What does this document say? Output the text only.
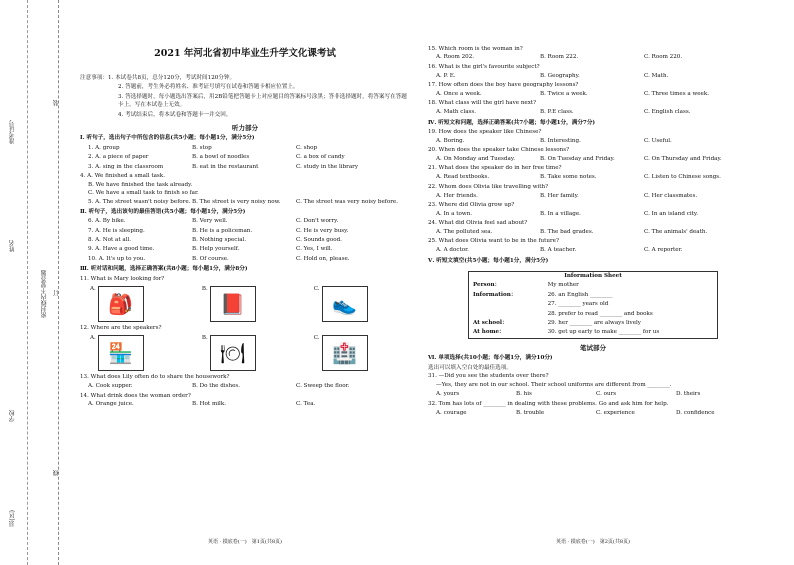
准考证号
姓名
学校
县(区)
密封线内不要答题
装
订
线
2021 年河北省初中毕业生升学文化课考试
注意事项：1. 本试卷共8页，总分120分，考试时间120分钟。
2. 答题前，考生务必将姓名、准考证号填写在试卷和答题卡相应位置上。
3. 答选择题时，每小题选出答案后，用2B铅笔把答题卡上对应题目的答案标号涂黑；答非选择题时，将答案写在答题卡上。写在本试卷上无效。
4. 考试结束后，将本试卷和答题卡一并交回。
听力部分
Ⅰ. 听句子，选出句子中所包含的信息(共5小题；每小题1分，满分5分)
1. A. group	B. stop	C. shop
2. A. a piece of paper	B. a bowl of noodles	C. a box of candy
3. A. sing in the classroom	B. eat in the restaurant	C. study in the library
4. A. We finished a small task.
B. We have finished the task already.
C. We have a small task to finish so far.
5. A. The street wasn't noisy before. B. The street is very noisy now.	C. The street was very noisy before.
Ⅱ. 听句子，选出该句的最佳答语(共5小题；每小题1分，满分5分)
6. A. By bike.	B. Very well.	C. Don't worry.
7. A. He is sleeping.	B. He is a policeman.	C. He is very busy.
8. A. Not at all.	B. Nothing special.	C. Sounds good.
9. A. Have a good time.	B. Help yourself.	C. Yes, I will.
10. A. It's up to you.	B. Of course.	C. Hold on, please.
Ⅲ. 听对话和问题，选择正确答案(共8小题；每小题1分，满分8分)
11. What is Mary looking for?
A.
🎒
B.
📕
C.
👟
12. Where are the speakers?
A.
🏪
B.
🍽
C.
🏥
13. What does Lily often do to share the housework?
A. Cook supper.	B. Do the dishes.	C. Sweep the floor.
14. What drink does the woman order?
A. Orange juice.	B. Hot milk.	C. Tea.
英语 · 摸底卷(一)　第1页(共8页)
15. Which room is the woman in?
A. Room 202.	B. Room 222.	C. Room 220.
16. What is the girl's favourite subject?
A. P. E.	B. Geography.	C. Math.
17. How often does the boy have geography lessons?
A. Once a week.	B. Twice a week.	C. Three times a week.
18. What class will the girl have next?
A. Math class.	B. P.E class.	C. English class.
Ⅳ. 听短文和问题，选择正确答案(共7小题；每小题1分，满分7分)
19. How does the speaker like Chinese?
A. Boring.	B. Interesting.	C. Useful.
20. When does the speaker take Chinese lessons?
A. On Monday and Tuesday.	B. On Tuesday and Friday.	C. On Thursday and Friday.
21. What does the speaker do in her free time?
A. Read textbooks.	B. Take some notes.	C. Listen to Chinese songs.
22. Whom does Olivia like travelling with?
A. Her friends.	B. Her family.	C. Her classmates.
23. Where did Olivia grow up?
A. In a town.	B. In a village.	C. In an island city.
24. What did Olivia feel sad about?
A. The polluted sea.	B. The bad grades.	C. The animals' death.
25. What does Olivia want to be in the future?
A. A doctor.	B. A teacher.	C. A reporter.
Ⅴ. 听短文填空(共5小题；每小题1分，满分5分)
Information Sheet	
Person：	My mother
Information：	26. an English ________
	27. ________ years old
	28. prefer to read ________ and books
At school：	29. her ________ are always lively
At home：	30. get up early to make ________ for us
笔试部分
Ⅵ. 单项选择(共10小题；每小题1分，满分10分)
选出可以填入空白处的最佳选项。
31. —Did you see the students over there?
—Yes, they are not in our school. Their school uniforms are different from ________.
A. yours	B. his	C. ours	D. theirs
32. Tom has lots of ________ in dealing with these problems. Go and ask him for help.
A. courage	B. trouble	C. experience	D. confidence
英语 · 摸底卷(一)　第2页(共8页)
